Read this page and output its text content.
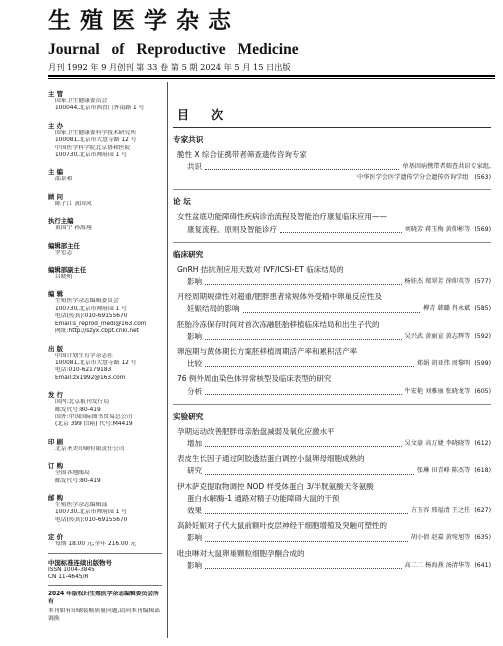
生殖医学杂志
Journal of Reproductive Medicine
月刊 1992 年 9 月创刊 第 33 卷 第 5 期 2024 年 5 月 15 日出版
主 管
国家卫生健康委员会
100044,北京市西直门外南路 1 号
主 办
国家卫生健康委科学技术研究所
100081,北京市大慧寺路 12 号
中国医学科学院北京协和医院
100730,北京市帅府园 1 号
主 编
邵景和
顾 问
陈子江 黄国风
执行主编
黄国宁 孙海翔
编辑部主任
罗宏志
编辑部副主任
吕晓明
编 辑
生殖医学杂志编辑委员会
100730,北京市帅府园 1 号
电话(传真):010-69155670
Email:s_reprod_medi@163.com
网址:http://szyx.cbpt.cnki.net
出 版
中国计划生育学杂志社
100081,北京市大慧寺路 12 号
电话:010-62179183
Email:zx1992@163.com
发 行
国内:北京报刊发行局
邮发代号:80-419
国外:中国国际图书贸易总公司
(北京 399 信箱) 代号:M4419
印 刷
北京圣美印刷有限责任公司
订 购
全国各地邮局
邮发代号:80-419
邮 购
生殖医学杂志编辑部
100730,北京市帅府园 1 号
电话(传真):010-69155670
定 价
每期 18.00 元,全年 216.00 元
中国标准连续出版物号
ISSN 1004-3845
CN 11-4645/R
2024 年版权归生殖医学杂志编辑委员会所有
本刊如有印刷装帧质量问题,请向本刊编辑部调换
目 次
专家共识
脆性 X 综合征携带者筛查遗传咨询专家
共识	单基因病携带者筛查共识专家组,
中华医学会医学遗传学分会遗传咨询学组 (563)
论 坛
女性盆底功能障碍性疾病诊治流程及智能治疗康复临床应用——
康复流程、原则及智能诊疗	刘晓芳 蒋玉梅 黄仰彬等 (569)
临床研究
GnRH 拮抗剂应用天数对 IVF/ICSI-ET 临床结局的
影响	杨娃杰 郑翠芳 徐仰英等 (577)
月经周期规律性对超重/肥胖患者常规体外受精中卵巢反应性及
妊娠结局的影响	柳青 韩璐 肖永斌 (585)
胚胎冷冻保存时间对首次冻融胚胎移植临床结局和出生子代的
影响	吴兴武 黄丽宣 黄志辉等 (592)
卵泡期与黄体期长方案胚移植周期活产率和累积活产率
比较	郑娟 胡亚伟 周黎明 (599)
76 例外周血染色体异常核型及临床表型的研究
分析	牛宏艳 刘雅丽 张晓龙等 (605)
实验研究
孕期运动改善肥胖母亲胎盘减弱及氧化应激水平
增加	吴文豪 高万婕 李晓晓等 (612)
表皮生长因子通过阿胶透拮蛋白调控小鼠卵母细胞成熟的
研究	张琳 田青峰 陈杰等 (618)
伊木萨克提取物调控 NOD 样受体蛋白 3/半胱氨酸天冬氨酸
蛋白水解酶-1 通路对精子功能障碍大鼠的干预
效果	方玉容 邢福清 王之任 (627)
高龄妊娠对子代大鼠前额叶皮层神经干细胞增殖及突触可塑性的
影响	胡小倩 赵嘉 黄宛旭等 (635)
吡虫啉对大鼠卵巢颗粒细胞孕酮合成的
影响	高二二 杨海燕 汤清华等 (641)
